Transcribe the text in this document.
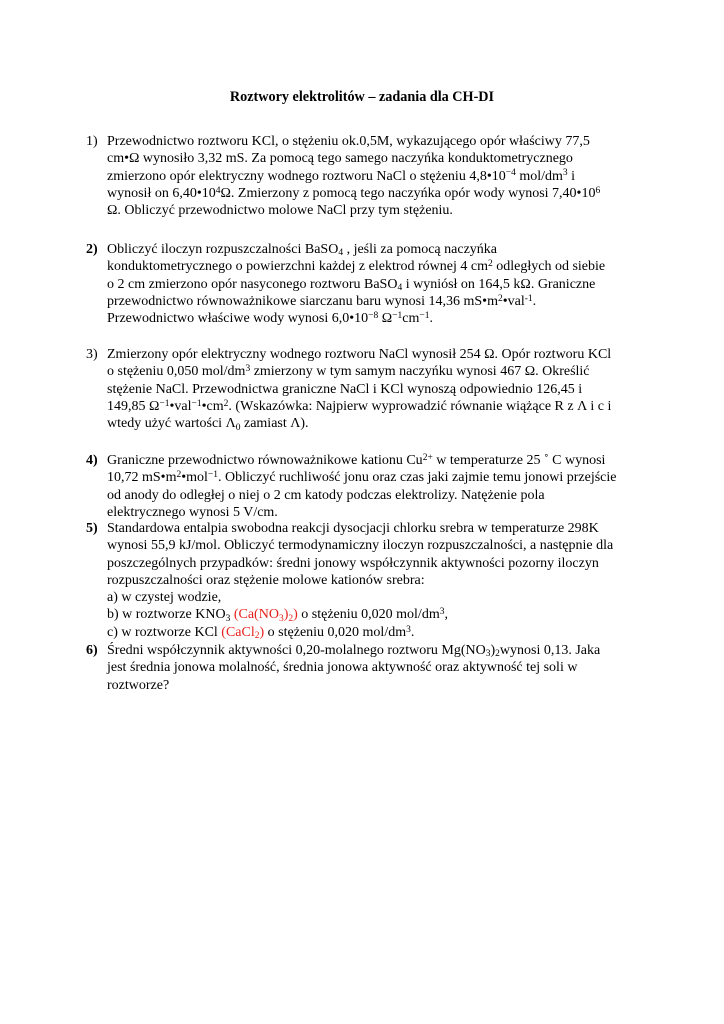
Roztwory elektrolitów – zadania dla CH-DI
1) Przewodnictwo roztworu KCl, o stężeniu ok.0,5M, wykazującego opór właściwy 77,5
cm•Ω wynosiło 3,32 mS. Za pomocą tego samego naczyńka konduktometrycznego
zmierzono opór elektryczny wodnego roztworu NaCl o stężeniu $4,8•10^{-4}$ mol/$dm^3$ i
wynosił on $6,40•10^4\Omega$. Zmierzony z pomocą tego naczyńka opór wody wynosi $7,40•10^6$
Ω. Obliczyć przewodnictwo molowe NaCl przy tym stężeniu.
2) Obliczyć iloczyn rozpuszczalności BaSO$_4$ , jeśli za pomocą naczyńka
konduktometrycznego o powierzchni każdej z elektrod równej 4 $cm^2$ odległych od siebie
o 2 cm zmierzono opór nasyconego roztworu BaSO$_4$ i wyniósł on 164,5 kΩ. Graniczne
przewodnictwo równoważnikowe siarczanu baru wynosi 14,36 $mS•m^2•val^{-1}$.
Przewodnictwo właściwe wody wynosi $6,0•10^{-8}$ $\Omega^{-1}cm^{-1}$.
3) Zmierzony opór elektryczny wodnego roztworu NaCl wynosił 254 Ω. Opór roztworu KCl
o stężeniu 0,050 mol/$dm^3$ zmierzony w tym samym naczyńku wynosi 467 Ω. Określić
stężenie NaCl. Przewodnictwa graniczne NaCl i KCl wynoszą odpowiednio 126,45 i
149,85 $\Omega^{-1}•val^{-1}•cm^2$. (Wskazówka: Najpierw wyprowadzić równanie wiążące R z Λ i c i
wtedy użyć wartości $\Lambda_0$ zamiast Λ).
4) Graniczne przewodnictwo równoważnikowe kationu $Cu^{2+}$ w temperaturze 25 ˚ C wynosi
10,72 $mS•m^2•mol^{-1}$. Obliczyć ruchliwość jonu oraz czas jaki zajmie temu jonowi przejście
od anody do odległej o niej o 2 cm katody podczas elektrolizy. Natężenie pola
elektrycznego wynosi 5 V/cm.
5) Standardowa entalpia swobodna reakcji dysocjacji chlorku srebra w temperaturze 298K
wynosi 55,9 kJ/mol. Obliczyć termodynamiczny iloczyn rozpuszczalności, a następnie dla
poszczególnych przypadków: średni jonowy współczynnik aktywności pozorny iloczyn
rozpuszczalności oraz stężenie molowe kationów srebra:
a) w czystej wodzie,
b) w roztworze $KNO_3$ $(Ca(NO_3)_2)$ o stężeniu 0,020 mol/$dm^3$,
c) w roztworze KCl (CaCl$_2$) o stężeniu 0,020 mol/$dm^3$.
6) Średni współczynnik aktywności 0,20-molalnego roztworu $Mg(NO_3)_2wynosi$ 0,13. Jaka
jest średnia jonowa molalność, średnia jonowa aktywność oraz aktywność tej soli w
roztworze?
